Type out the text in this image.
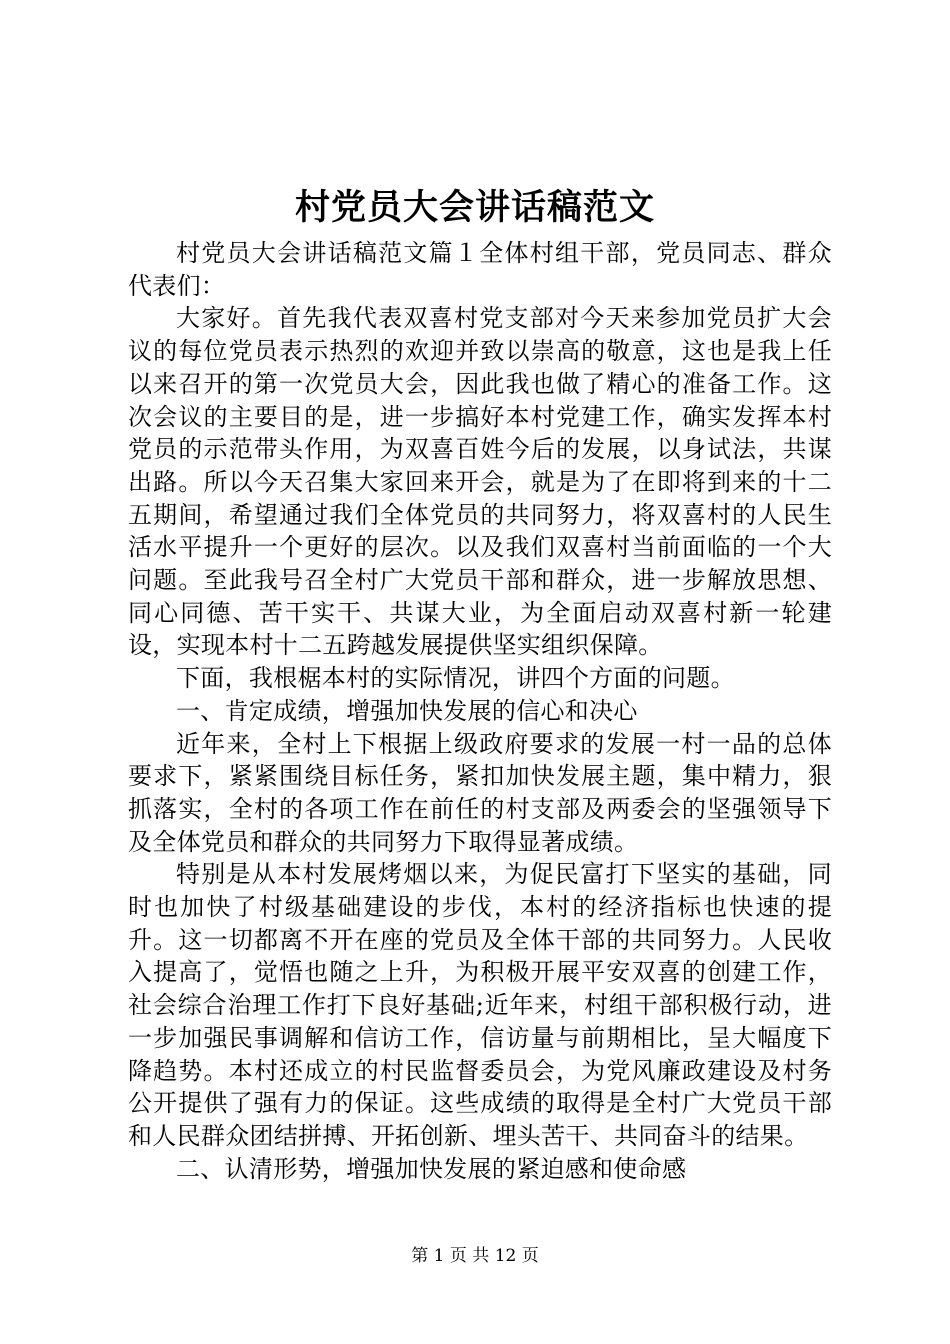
村党员大会讲话稿范文

村党员大会讲话稿范文篇１全体村组干部，党员同志、群众代表们：

大家好。首先我代表双喜村党支部对今天来参加党员扩大会议的每位党员表示热烈的欢迎并致以崇高的敬意，这也是我上任以来召开的第一次党员大会，因此我也做了精心的准备工作。这次会议的主要目的是，进一步搞好本村党建工作，确实发挥本村党员的示范带头作用，为双喜百姓今后的发展，以身试法，共谋出路。所以今天召集大家回来开会，就是为了在即将到来的十二五期间，希望通过我们全体党员的共同努力，将双喜村的人民生活水平提升一个更好的层次。以及我们双喜村当前面临的一个大问题。至此我号召全村广大党员干部和群众，进一步解放思想、同心同德、苦干实干、共谋大业，为全面启动双喜村新一轮建设，实现本村十二五跨越发展提供坚实组织保障。

下面，我根椐本村的实际情况，讲四个方面的问题。

一、肯定成绩，增强加快发展的信心和决心

近年来，全村上下根据上级政府要求的发展一村一品的总体要求下，紧紧围绕目标任务，紧扣加快发展主题，集中精力，狠抓落实，全村的各项工作在前任的村支部及两委会的坚强领导下及全体党员和群众的共同努力下取得显著成绩。

特别是从本村发展烤烟以来，为促民富打下坚实的基础，同时也加快了村级基础建设的步伐，本村的经济指标也快速的提升。这一切都离不开在座的党员及全体干部的共同努力。人民收入提高了，觉悟也随之上升，为积极开展平安双喜的创建工作，社会综合治理工作打下良好基础;近年来，村组干部积极行动，进一步加强民事调解和信访工作，信访量与前期相比，呈大幅度下降趋势。本村还成立的村民监督委员会，为党风廉政建设及村务公开提供了强有力的保证。这些成绩的取得是全村广大党员干部和人民群众团结拼搏、开拓创新、埋头苦干、共同奋斗的结果。

二、认清形势，增强加快发展的紧迫感和使命感

第 1 页 共 12 页
